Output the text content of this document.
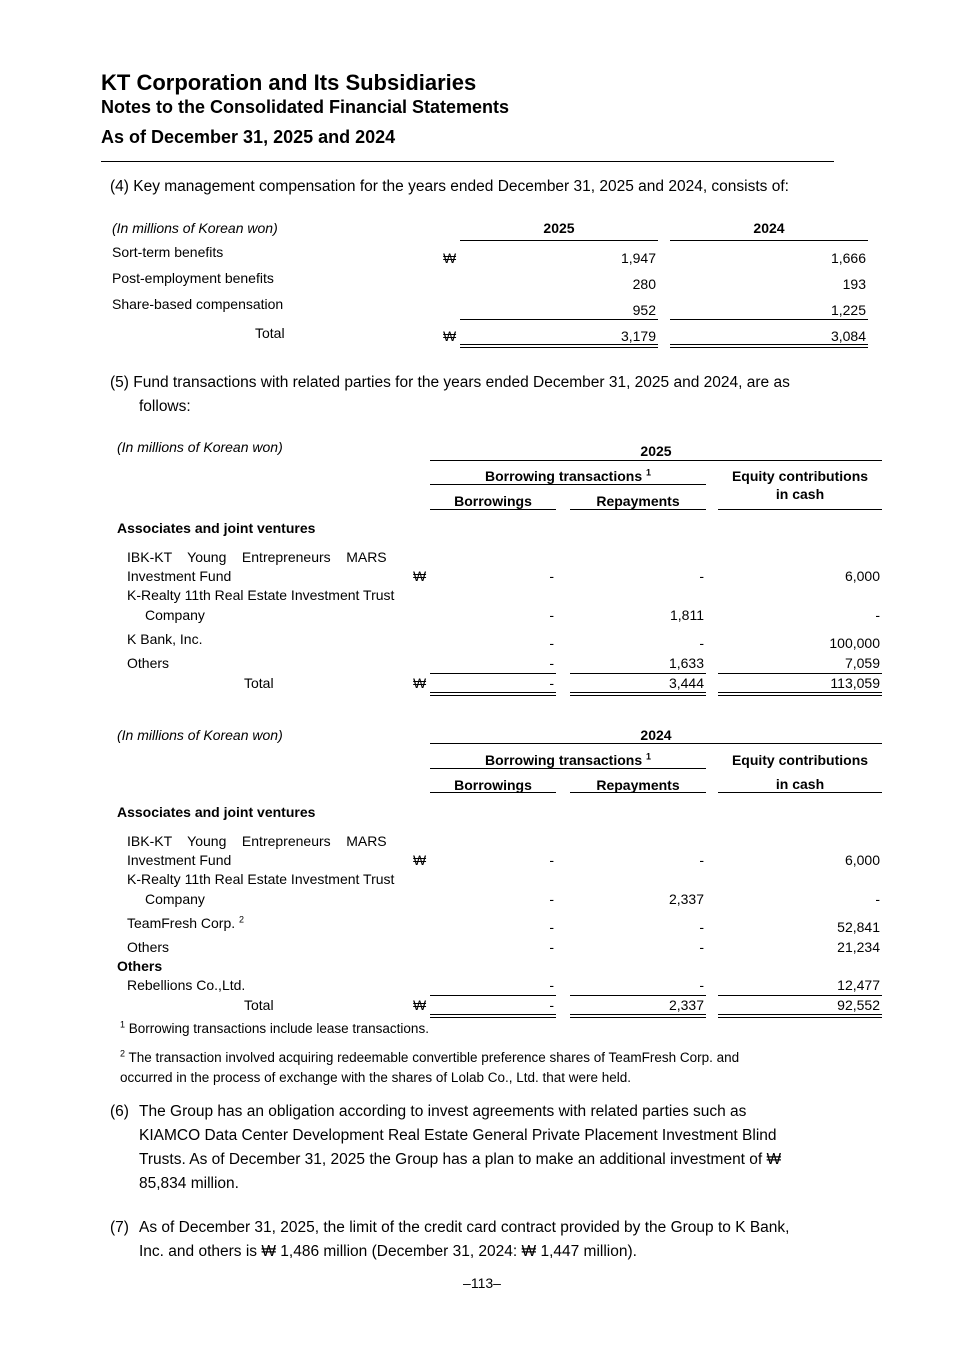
KT Corporation and Its Subsidiaries
Notes to the Consolidated Financial Statements
As of December 31, 2025 and 2024
(4) Key management compensation for the years ended December 31, 2025 and 2024, consists of:
(In millions of Korean won)	2025	2024
Sort-term benefits	₩	1,947	1,666
Post-employment benefits	280	193
Share-based compensation	952	1,225
Total	₩	3,179	3,084
(5) Fund transactions with related parties for the years ended December 31, 2025 and 2024, are as
follows:
(In millions of Korean won)	2025
Borrowing transactions $^1$	Equity contributions
in cash
Borrowings	Repayments
Associates and joint ventures
IBK-KT    Young    Entrepreneurs    MARS
Investment Fund	₩	-	-	6,000
K-Realty 11th Real Estate Investment Trust
Company	-	1,811	-
K Bank, Inc.	-	-	100,000
Others	-	1,633	7,059
Total	₩	-	3,444	113,059
(In millions of Korean won)	2024
Borrowing transactions $^1$	Equity contributions
in cash
Borrowings	Repayments
Associates and joint ventures
IBK-KT    Young    Entrepreneurs    MARS
Investment Fund	₩	-	-	6,000
K-Realty 11th Real Estate Investment Trust
Company	-	2,337	-
TeamFresh Corp. $^2$	-	-	52,841
Others	-	-	21,234
Others
Rebellions Co.,Ltd.	-	-	12,477
Total	₩	-	2,337	92,552
$^1$ Borrowing transactions include lease transactions.
$^2$ The transaction involved acquiring redeemable convertible preference shares of TeamFresh Corp. and
occurred in the process of exchange with the shares of Lolab Co., Ltd. that were held.
(6) The Group has an obligation according to invest agreements with related parties such as
KIAMCO Data Center Development Real Estate General Private Placement Investment Blind
Trusts. As of December 31, 2025 the Group has a plan to make an additional investment of ₩
85,834 million.
(7) As of December 31, 2025, the limit of the credit card contract provided by the Group to K Bank,
Inc. and others is ₩ 1,486 million (December 31, 2024: ₩ 1,447 million).
–113–
